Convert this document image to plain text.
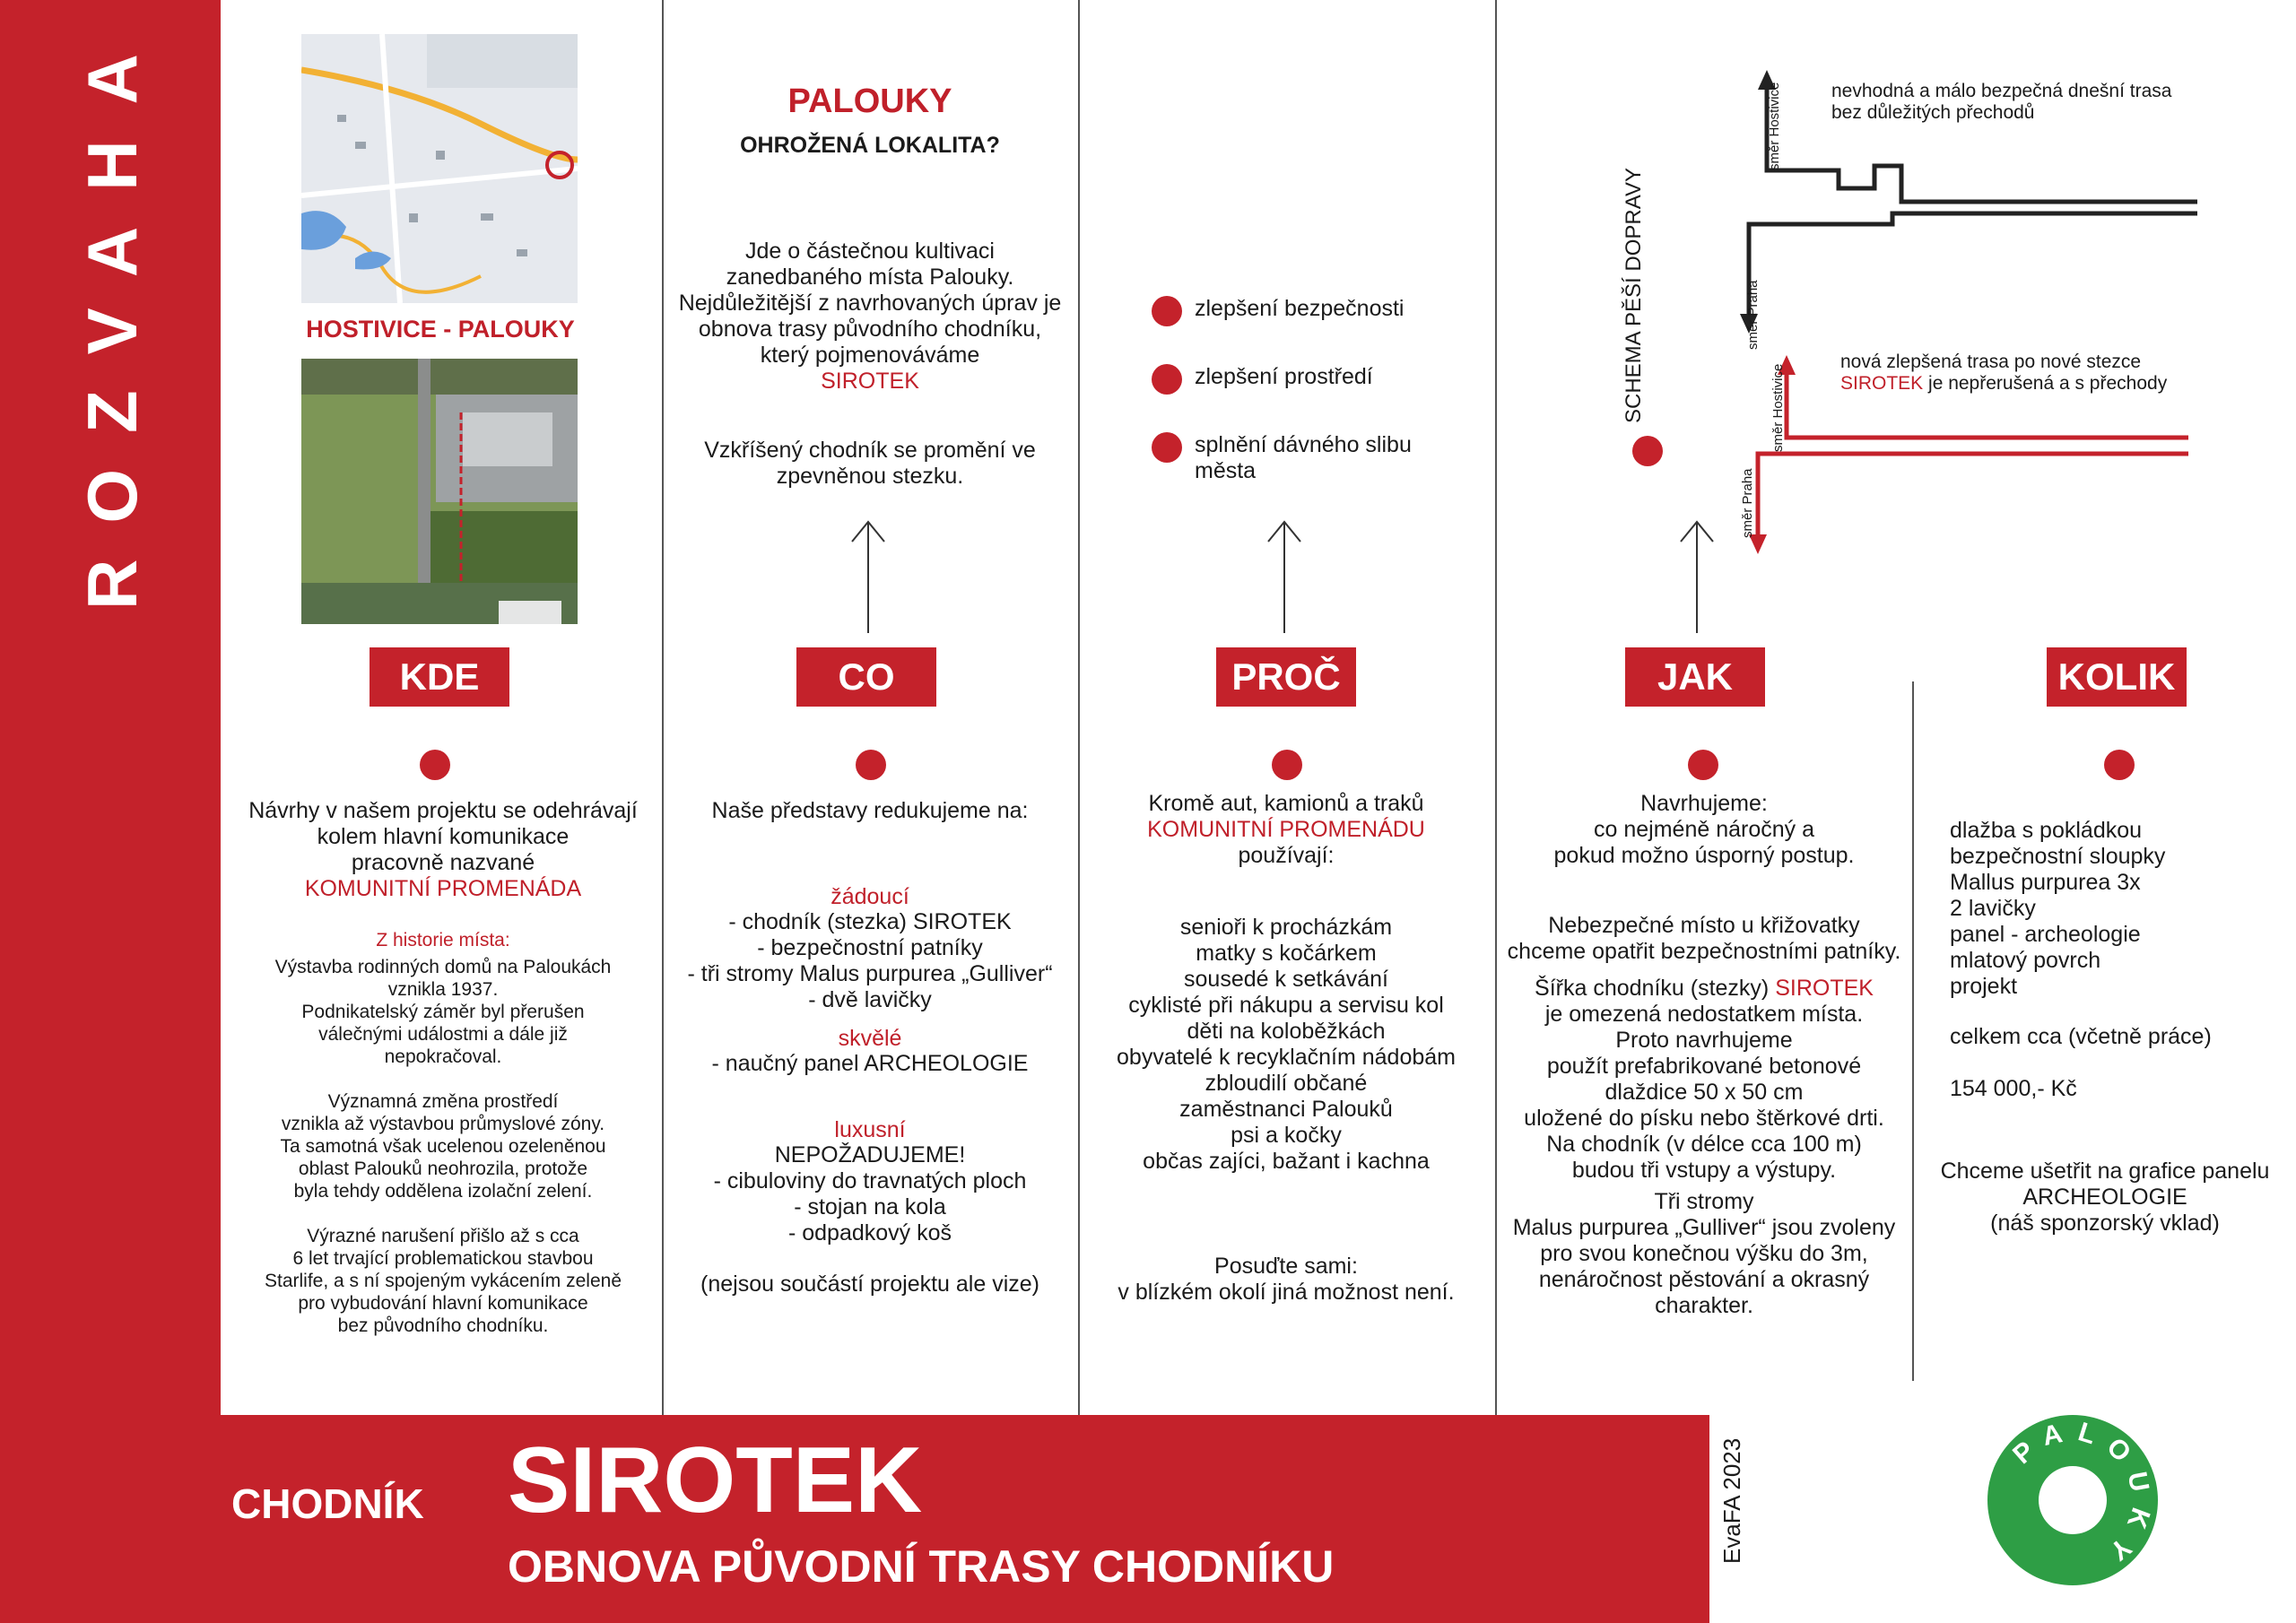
ROZVAHA	HOSTIVICE - PALOUKY
PALOUKY
OHROŽENÁ LOKALITA?
Jde o částečnou kultivaci
zanedbaného místa Palouky.
Nejdůležitější z navrhovaných úprav je
obnova trasy původního chodníku,
který pojmenováváme
SIROTEK
Vzkříšený chodník se promění ve
zpevněnou stezku.
zlepšení bezpečnosti
zlepšení prostředí
splnění dávného slibu
města
SCHEMA PĚŠÍ DOPRAVY
nevhodná a málo bezpečná dnešní trasa
bez důležitých přechodů
nová zlepšená trasa po nové stezce
SIROTEK je nepřerušená a s přechody
směr Hostivice
směr Praha
směr Hostivice
směr Praha
KDE	CO	PROČ	JAK	KOLIK
Návrhy v našem projektu se odehrávají
kolem hlavní komunikace
pracovně nazvané
KOMUNITNÍ PROMENÁDA
Z historie místa:
Výstavba rodinných domů na Paloukách
vznikla 1937.
Podnikatelský záměr byl přerušen
válečnými událostmi a dále již
nepokračoval.

Významná změna prostředí
vznikla až výstavbou průmyslové zóny.
Ta samotná však ucelenou ozeleněnou
oblast Palouků neohrozila, protože
byla tehdy oddělena izolační zelení.

Výrazné narušení přišlo až s cca
6 let trvající problematickou stavbou
Starlife, a s ní spojeným vykácením zeleně
pro vybudování hlavní komunikace
bez původního chodníku.
Naše představy redukujeme na:
žádoucí
- chodník (stezka) SIROTEK
- bezpečnostní patníky
- tři stromy Malus purpurea „Gulliver“
- dvě lavičky
skvělé
- naučný panel ARCHEOLOGIE
luxusní
NEPOŽADUJEME!
- cibuloviny do travnatých ploch
- stojan na kola
- odpadkový koš
(nejsou součástí projektu ale vize)
Kromě aut, kamionů a traků
KOMUNITNÍ PROMENÁDU
používají:
senioři k procházkám
matky s kočárkem
sousedé k setkávání
cyklisté při nákupu a servisu kol
děti na koloběžkách
obyvatelé k recyklačním nádobám
zbloudilí občané
zaměstnanci Palouků
psi a kočky
občas zajíci, bažant i kachna
Posuďte sami:
v blízkém okolí jiná možnost není.
Navrhujeme:
co nejméně náročný a
pokud možno úsporný postup.
Nebezpečné místo u křižovatky
chceme opatřit bezpečnostními patníky.
Šířka chodníku (stezky) SIROTEK
je omezená nedostatkem místa.
Proto navrhujeme
použít prefabrikované betonové
dlaždice 50 x 50 cm
uložené do písku nebo štěrkové drti.
Na chodník (v délce cca 100 m)
budou tři vstupy a výstupy.
Tři stromy
Malus purpurea „Gulliver“ jsou zvoleny
pro svou konečnou výšku do 3m,
nenáročnost pěstování a okrasný
charakter.
dlažba s pokládkou
bezpečnostní sloupky
Mallus purpurea 3x
2 lavičky
panel - archeologie
mlatový povrch
projekt
celkem cca (včetně práce)
154 000,- Kč
Chceme ušetřit na grafice panelu
ARCHEOLOGIE
(náš sponzorský vklad)
CHODNÍK SIROTEK
OBNOVA PŮVODNÍ TRASY CHODNÍKU
EvaFA 2023	PALOUKY
